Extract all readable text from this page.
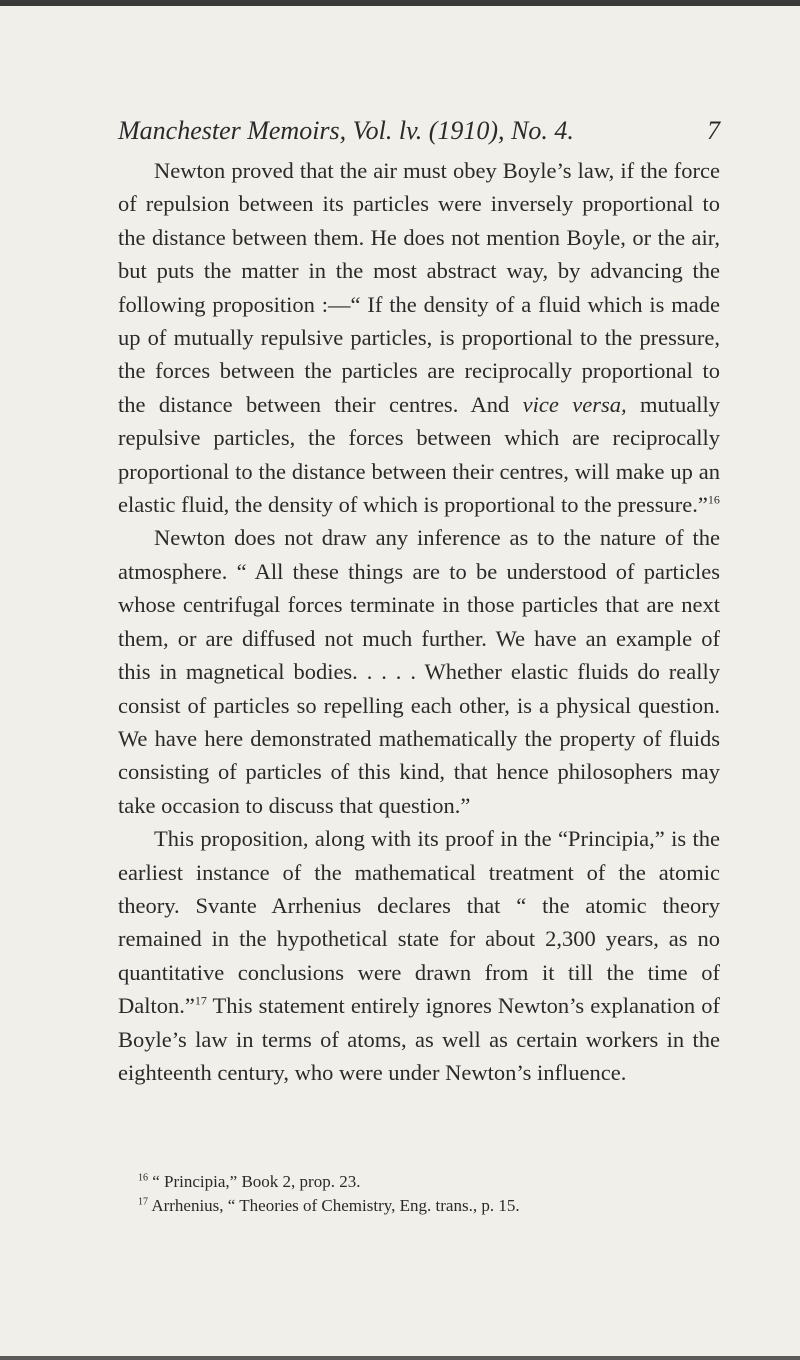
Manchester Memoirs, Vol. lv. (1910), No. 4.	7

Newton proved that the air must obey Boyle’s law, if the force of repulsion between its particles were inversely proportional to the distance between them. He does not mention Boyle, or the air, but puts the matter in the most abstract way, by advancing the following proposition :—“ If the density of a fluid which is made up of mutually repulsive particles, is proportional to the pressure, the forces between the particles are reciprocally proportional to the distance between their centres. And vice versa, mutually repulsive particles, the forces between which are reciprocally proportional to the distance between their centres, will make up an elastic fluid, the density of which is proportional to the pressure.”$^{16}$

Newton does not draw any inference as to the nature of the atmosphere. “ All these things are to be understood of particles whose centrifugal forces terminate in those particles that are next them, or are diffused not much further. We have an example of this in magnetical bodies. . . . . Whether elastic fluids do really consist of particles so repelling each other, is a physical question. We have here demonstrated mathematically the property of fluids consisting of particles of this kind, that hence philosophers may take occasion to discuss that question.”

This proposition, along with its proof in the “Principia,” is the earliest instance of the mathematical treatment of the atomic theory. Svante Arrhenius declares that “ the atomic theory remained in the hypothetical state for about 2,300 years, as no quantitative conclusions were drawn from it till the time of Dalton.”$^{17}$ This statement entirely ignores Newton’s explanation of Boyle’s law in terms of atoms, as well as certain workers in the eighteenth century, who were under Newton’s influence.

$^{16}$ “ Principia,” Book 2, prop. 23.
$^{17}$ Arrhenius, “ Theories of Chemistry, Eng. trans., p. 15.
